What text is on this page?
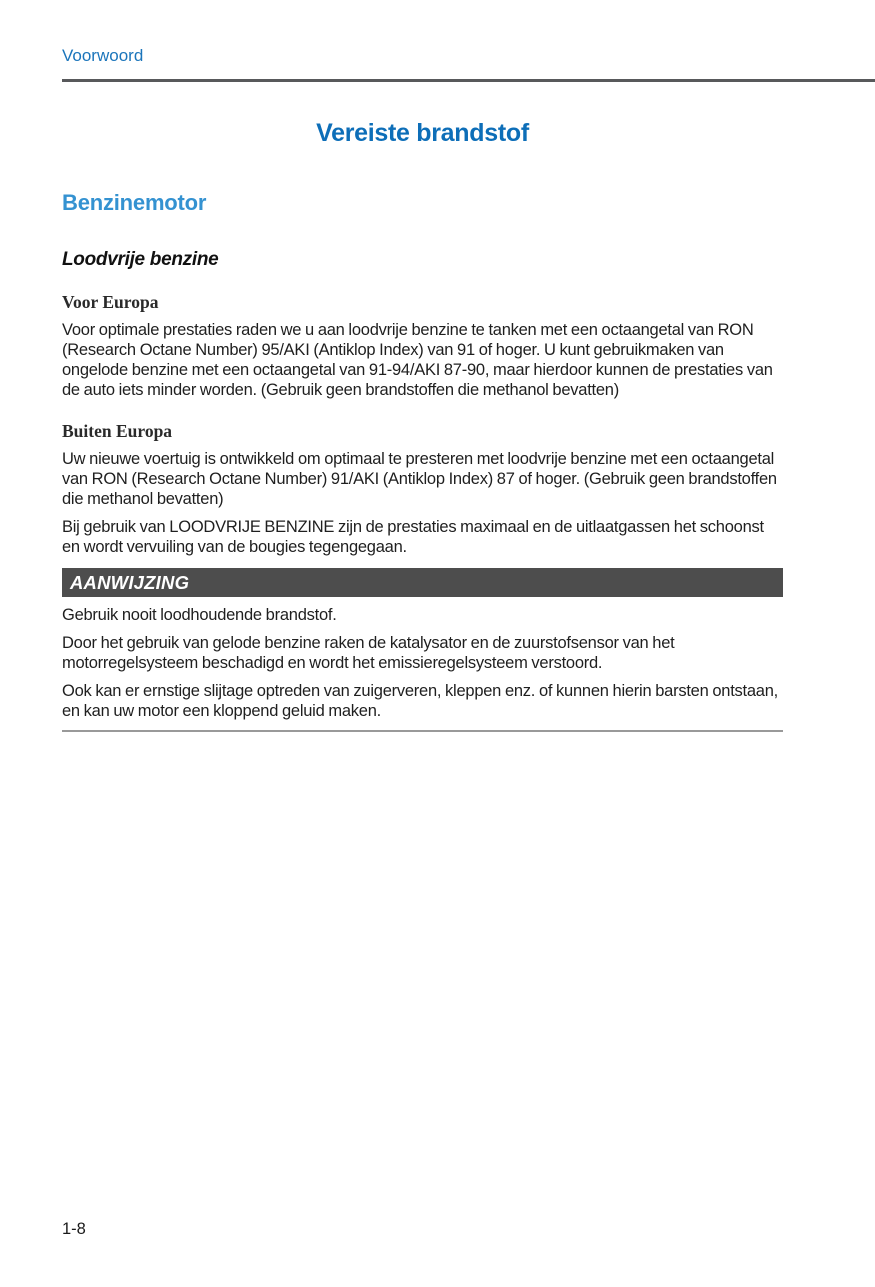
Voorwoord
Vereiste brandstof
Benzinemotor
Loodvrije benzine
Voor Europa

Voor optimale prestaties raden we u aan loodvrije benzine te tanken met een octaangetal van RON (Research Octane Number) 95/AKI (Antiklop Index) van 91 of hoger. U kunt gebruikmaken van ongelode benzine met een octaangetal van 91-94/AKI 87-90, maar hierdoor kunnen de prestaties van de auto iets minder worden. (Gebruik geen brandstoffen die methanol bevatten)

Buiten Europa

Uw nieuwe voertuig is ontwikkeld om optimaal te presteren met loodvrije benzine met een octaangetal van RON (Research Octane Number) 91/AKI (Antiklop Index) 87 of hoger. (Gebruik geen brandstoffen die methanol bevatten)

Bij gebruik van LOODVRIJE BENZINE zijn de prestaties maximaal en de uitlaatgassen het schoonst en wordt vervuiling van de bougies tegengegaan.

AANWIJZING

Gebruik nooit loodhoudende brandstof.

Door het gebruik van gelode benzine raken de katalysator en de zuurstofsensor van het motorregelsysteem beschadigd en wordt het emissieregelsysteem verstoord.

Ook kan er ernstige slijtage optreden van zuigerveren, kleppen enz. of kunnen hierin barsten ontstaan, en kan uw motor een kloppend geluid maken.

1-8
